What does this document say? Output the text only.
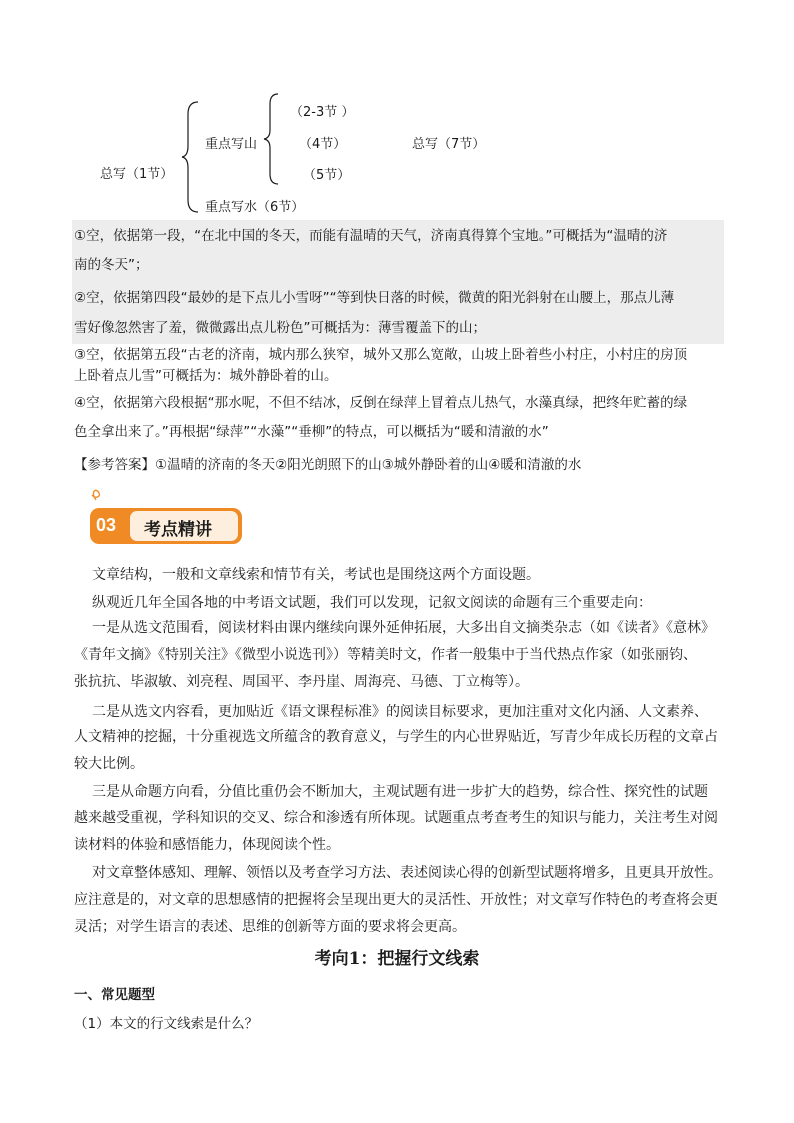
总写（1节）
重点写山
重点写水（6节）
（2-3节 ）
（4节）
（5节）
总写（7节）
①空，依据第一段，“在北中国的冬天，而能有温晴的天气，济南真得算个宝地。”可概括为“温晴的济
南的冬天”；
②空，依据第四段“最妙的是下点儿小雪呀”“等到快日落的时候，微黄的阳光斜射在山腰上，那点儿薄
雪好像忽然害了羞，微微露出点儿粉色”可概括为：薄雪覆盖下的山；
③空，依据第五段“古老的济南，城内那么狭窄，城外又那么宽敞，山坡上卧着些小村庄，小村庄的房顶
上卧着点儿雪”可概括为：城外静卧着的山。
④空，依据第六段根据“那水呢，不但不结冰，反倒在绿萍上冒着点儿热气，水藻真绿，把终年贮蓄的绿
色全拿出来了。”再根据“绿萍”“水藻”“垂柳”的特点，可以概括为“暖和清澈的水”
【参考答案】①温晴的济南的冬天②阳光朗照下的山③城外静卧着的山④暖和清澈的水
03 考点精讲
文章结构，一般和文章线索和情节有关，考试也是围绕这两个方面设题。
纵观近几年全国各地的中考语文试题，我们可以发现，记叙文阅读的命题有三个重要走向：
一是从选文范围看，阅读材料由课内继续向课外延伸拓展，大多出自文摘类杂志（如《读者》《意林》
《青年文摘》《特别关注》《微型小说选刊》）等精美时文，作者一般集中于当代热点作家（如张丽钧、
张抗抗、毕淑敏、刘亮程、周国平、李丹崖、周海亮、马德、丁立梅等）。
二是从选文内容看，更加贴近《语文课程标准》的阅读目标要求，更加注重对文化内涵、人文素养、
人文精神的挖掘，十分重视选文所蕴含的教育意义，与学生的内心世界贴近，写青少年成长历程的文章占
较大比例。
三是从命题方向看，分值比重仍会不断加大，主观试题有进一步扩大的趋势，综合性、探究性的试题
越来越受重视，学科知识的交叉、综合和渗透有所体现。试题重点考查考生的知识与能力，关注考生对阅
读材料的体验和感悟能力，体现阅读个性。
对文章整体感知、理解、领悟以及考查学习方法、表述阅读心得的创新型试题将增多，且更具开放性。
应注意是的，对文章的思想感情的把握将会呈现出更大的灵活性、开放性；对文章写作特色的考查将会更
灵活；对学生语言的表述、思维的创新等方面的要求将会更高。
考向1：把握行文线索
一、常见题型
（1）本文的行文线索是什么？
